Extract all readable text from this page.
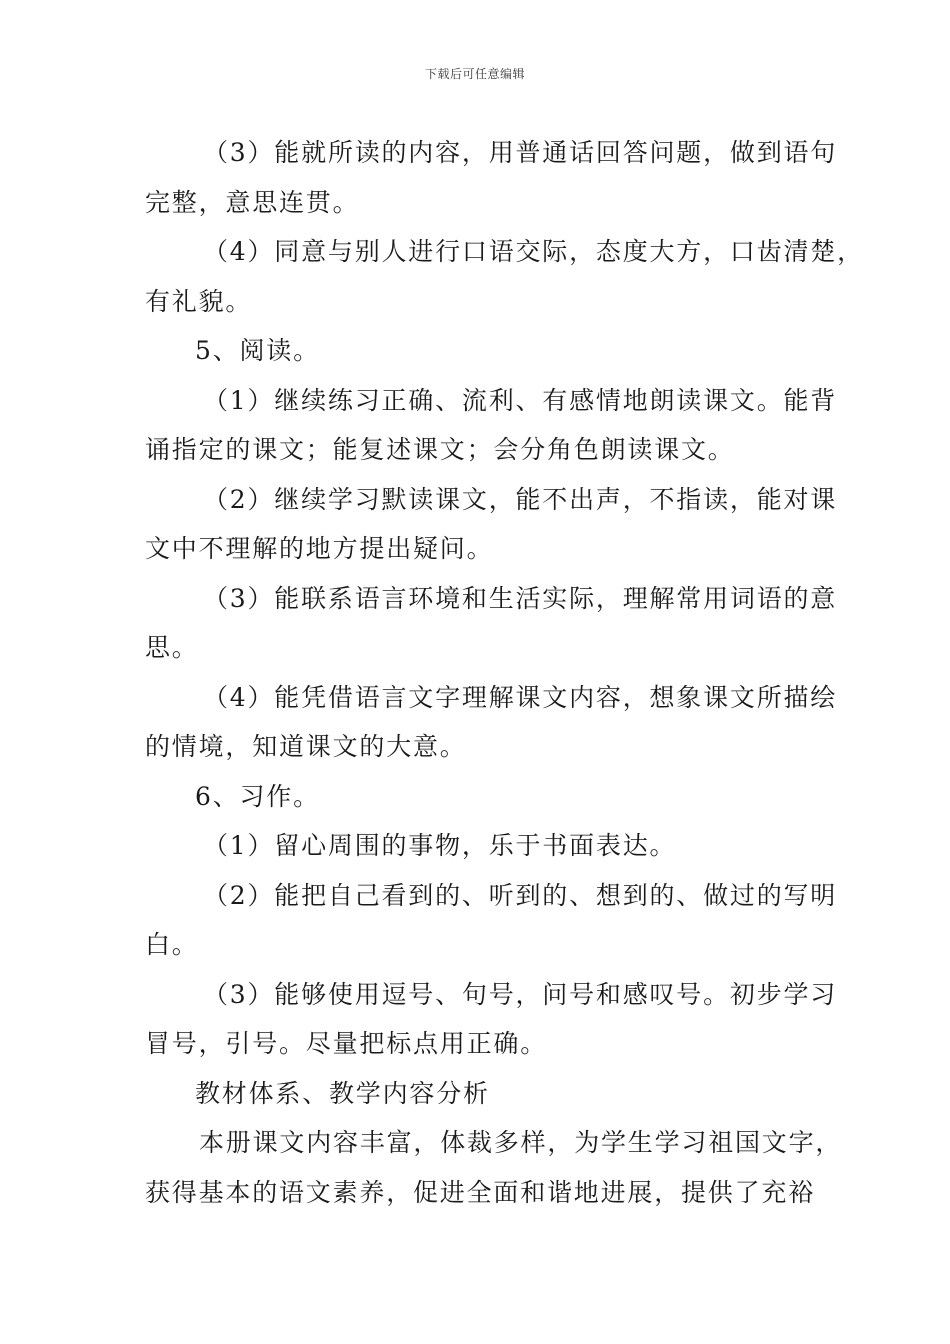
下载后可任意编辑

（3）能就所读的内容，用普通话回答问题，做到语句

完整，意思连贯。

（4）同意与别人进行口语交际，态度大方，口齿清楚，

有礼貌。

5、阅读。

（1）继续练习正确、流利、有感情地朗读课文。能背

诵指定的课文；能复述课文；会分角色朗读课文。

（2）继续学习默读课文，能不出声，不指读，能对课

文中不理解的地方提出疑问。

（3）能联系语言环境和生活实际，理解常用词语的意

思。

（4）能凭借语言文字理解课文内容，想象课文所描绘

的情境，知道课文的大意。

6、习作。

（1）留心周围的事物，乐于书面表达。

（2）能把自己看到的、听到的、想到的、做过的写明

白。

（3）能够使用逗号、句号，问号和感叹号。初步学习

冒号，引号。尽量把标点用正确。

教材体系、教学内容分析

本册课文内容丰富，体裁多样，为学生学习祖国文字，

获得基本的语文素养，促进全面和谐地进展，提供了充裕
